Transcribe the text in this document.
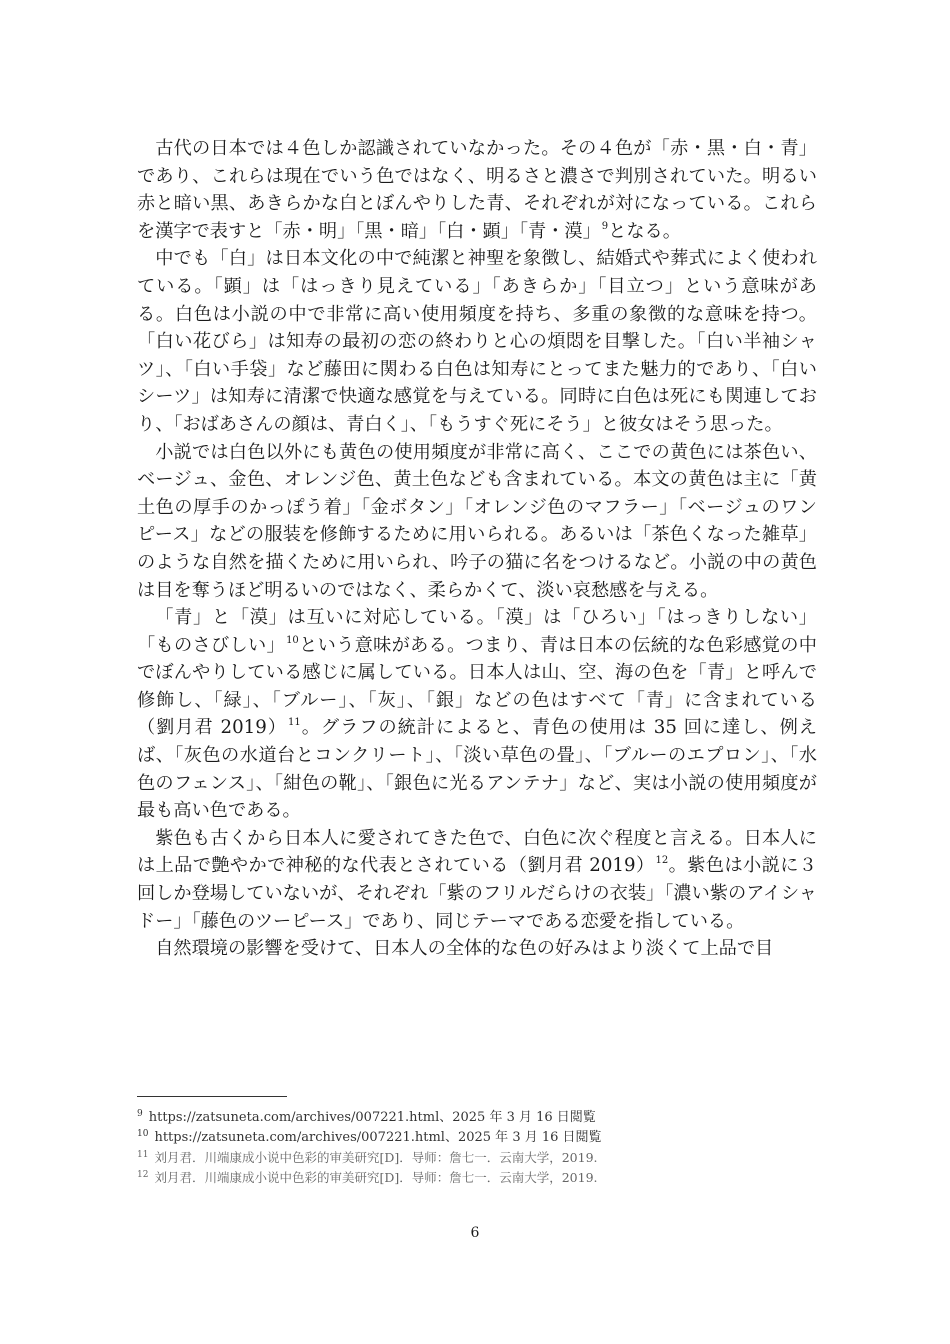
古代の日本では４色しか認識されていなかった。その４色が「赤・黒・白・青」であり、これらは現在でいう色ではなく、明るさと濃さで判別されていた。明るい赤と暗い黒、あきらかな白とぼんやりした青、それぞれが対になっている。これらを漢字で表すと「赤・明」「黒・暗」「白・顕」「青・漠」$^9$となる。

中でも「白」は日本文化の中で純潔と神聖を象徴し、結婚式や葬式によく使われている。「顕」は「はっきり見えている」「あきらか」「目立つ」という意味がある。白色は小説の中で非常に高い使用頻度を持ち、多重の象徴的な意味を持つ。「白い花びら」は知寿の最初の恋の終わりと心の煩悶を目撃した。「白い半袖シャツ」、「白い手袋」など藤田に関わる白色は知寿にとってまた魅力的であり、「白いシーツ」は知寿に清潔で快適な感覚を与えている。同時に白色は死にも関連しており、「おばあさんの顔は、青白く」、「もうすぐ死にそう」と彼女はそう思った。

小説では白色以外にも黄色の使用頻度が非常に高く、ここでの黄色には茶色い、ベージュ、金色、オレンジ色、黄土色なども含まれている。本文の黄色は主に「黄土色の厚手のかっぽう着」「金ボタン」「オレンジ色のマフラー」「ベージュのワンピース」などの服装を修飾するために用いられる。あるいは「茶色くなった雑草」のような自然を描くために用いられ、吟子の猫に名をつけるなど。小説の中の黄色は目を奪うほど明るいのではなく、柔らかくて、淡い哀愁感を与える。

「青」と「漠」は互いに対応している。「漠」は「ひろい」「はっきりしない」「ものさびしい」$^{10}$という意味がある。つまり、青は日本の伝統的な色彩感覚の中でぼんやりしている感じに属している。日本人は山、空、海の色を「青」と呼んで修飾し、「緑」、「ブルー」、「灰」、「銀」などの色はすべて「青」に含まれている（劉月君 2019）$^{11}$。グラフの統計によると、青色の使用は 35 回に達し、例えば、「灰色の水道台とコンクリート」、「淡い草色の畳」、「ブルーのエプロン」、「水色のフェンス」、「紺色の靴」、「銀色に光るアンテナ」など、実は小説の使用頻度が最も高い色である。

紫色も古くから日本人に愛されてきた色で、白色に次ぐ程度と言える。日本人には上品で艶やかで神秘的な代表とされている（劉月君 2019）$^{12}$。紫色は小説に３回しか登場していないが、それぞれ「紫のフリルだらけの衣装」「濃い紫のアイシャドー」「藤色のツーピース」であり、同じテーマである恋愛を指している。

自然環境の影響を受けて、日本人の全体的な色の好みはより淡くて上品で目

$^9$ https://zatsuneta.com/archives/007221.html、2025 年 3 月 16 日閲覧

$^{10}$ https://zatsuneta.com/archives/007221.html、2025 年 3 月 16 日閲覧

$^{11}$ 刘月君．川端康成小说中色彩的审美研究[D]．导师：詹七一．云南大学，2019.

$^{12}$ 刘月君．川端康成小说中色彩的审美研究[D]．导师：詹七一．云南大学，2019.

6
